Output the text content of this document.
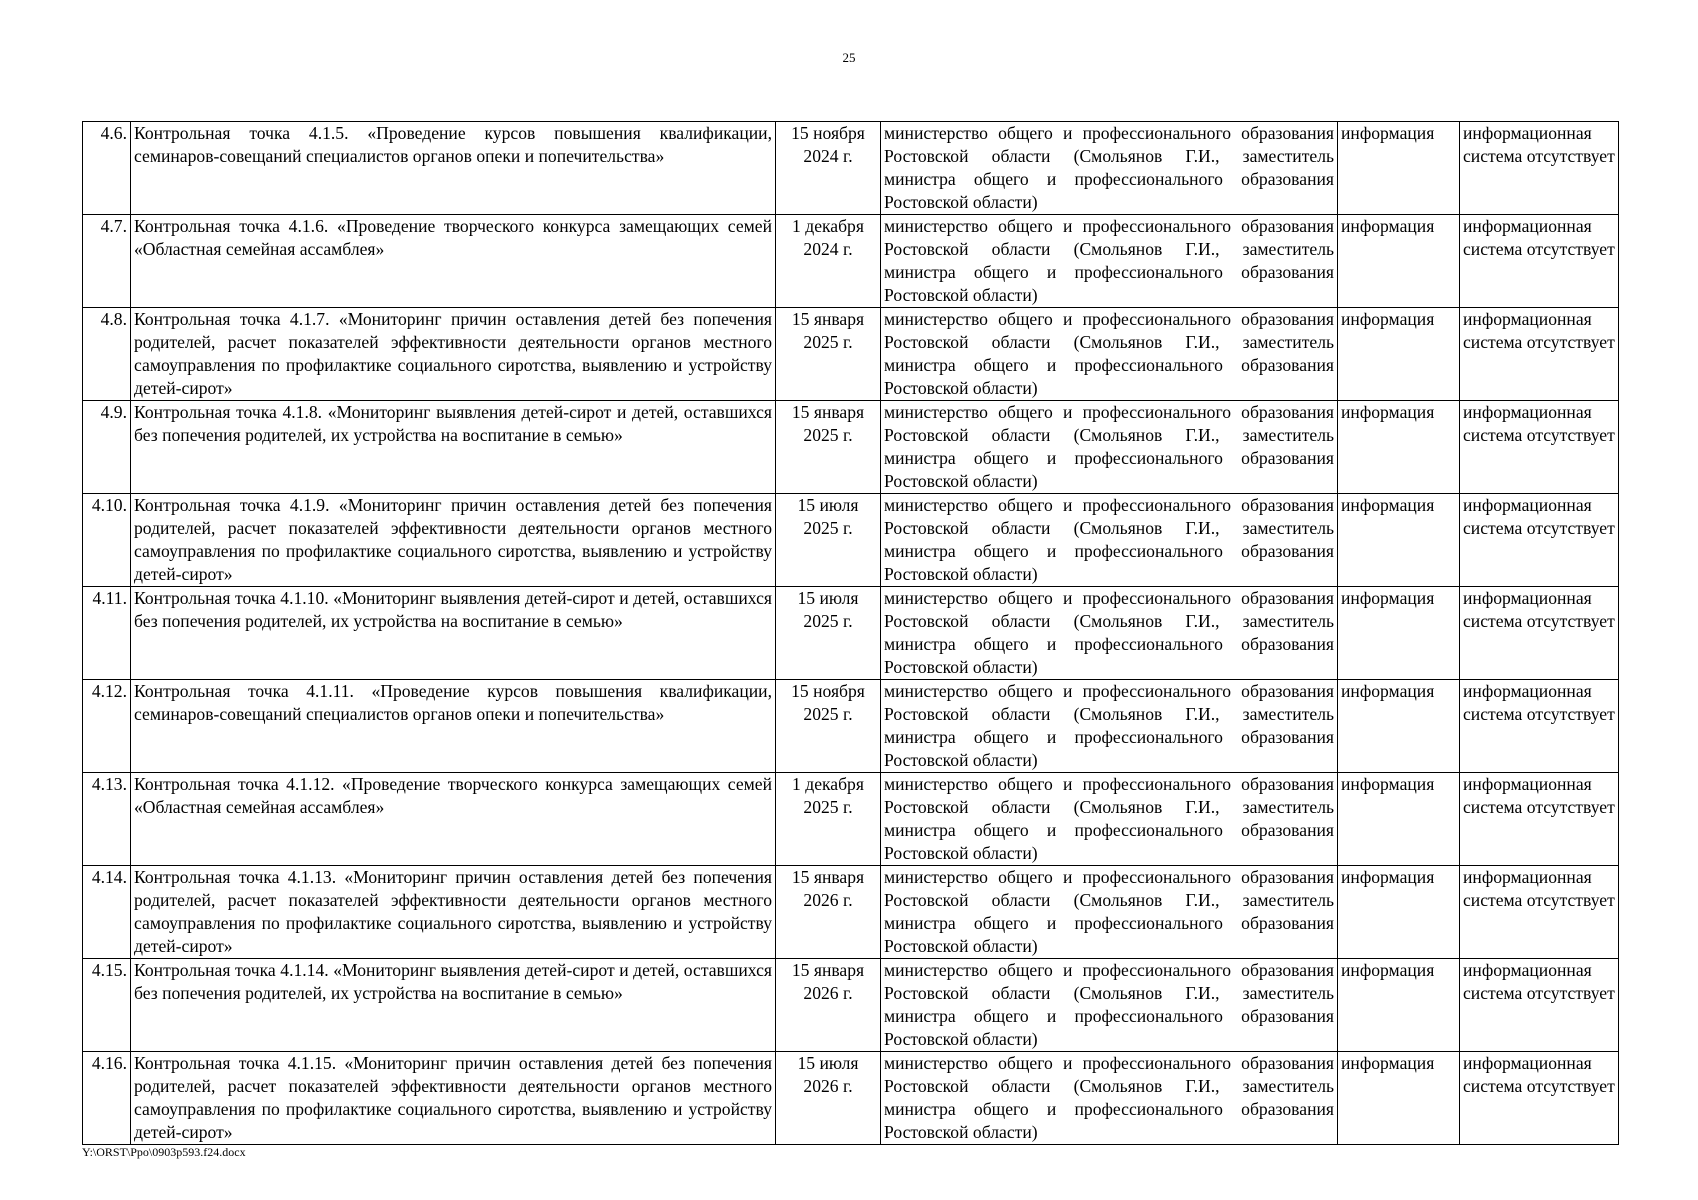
25
4.6.	Контрольная точка 4.1.5. «Проведение курсов повышения квалификации, семинаров-совещаний специалистов органов опеки и попечительства»	15 ноября 2024 г.	министерство общего и профессионального образования Ростовской области (Смольянов Г.И., заместитель министра общего и профессионального образования Ростовской области)	информация	информационная система отсутствует
4.7.	Контрольная точка 4.1.6. «Проведение творческого конкурса замещающих семей «Областная семейная ассамблея»	1 декабря 2024 г.	министерство общего и профессионального образования Ростовской области (Смольянов Г.И., заместитель министра общего и профессионального образования Ростовской области)	информация	информационная система отсутствует
4.8.	Контрольная точка 4.1.7. «Мониторинг причин оставления детей без попечения родителей, расчет показателей эффективности деятельности органов местного самоуправления по профилактике социального сиротства, выявлению и устройству детей-сирот»	15 января 2025 г.	министерство общего и профессионального образования Ростовской области (Смольянов Г.И., заместитель министра общего и профессионального образования Ростовской области)	информация	информационная система отсутствует
4.9.	Контрольная точка 4.1.8. «Мониторинг выявления детей-сирот и детей, оставшихся без попечения родителей, их устройства на воспитание в семью»	15 января 2025 г.	министерство общего и профессионального образования Ростовской области (Смольянов Г.И., заместитель министра общего и профессионального образования Ростовской области)	информация	информационная система отсутствует
4.10.	Контрольная точка 4.1.9. «Мониторинг причин оставления детей без попечения родителей, расчет показателей эффективности деятельности органов местного самоуправления по профилактике социального сиротства, выявлению и устройству детей-сирот»	15 июля 2025 г.	министерство общего и профессионального образования Ростовской области (Смольянов Г.И., заместитель министра общего и профессионального образования Ростовской области)	информация	информационная система отсутствует
4.11.	Контрольная точка 4.1.10. «Мониторинг выявления детей-сирот и детей, оставшихся без попечения родителей, их устройства на воспитание в семью»	15 июля 2025 г.	министерство общего и профессионального образования Ростовской области (Смольянов Г.И., заместитель министра общего и профессионального образования Ростовской области)	информация	информационная система отсутствует
4.12.	Контрольная точка 4.1.11. «Проведение курсов повышения квалификации, семинаров-совещаний специалистов органов опеки и попечительства»	15 ноября 2025 г.	министерство общего и профессионального образования Ростовской области (Смольянов Г.И., заместитель министра общего и профессионального образования Ростовской области)	информация	информационная система отсутствует
4.13.	Контрольная точка 4.1.12. «Проведение творческого конкурса замещающих семей «Областная семейная ассамблея»	1 декабря 2025 г.	министерство общего и профессионального образования Ростовской области (Смольянов Г.И., заместитель министра общего и профессионального образования Ростовской области)	информация	информационная система отсутствует
4.14.	Контрольная точка 4.1.13. «Мониторинг причин оставления детей без попечения родителей, расчет показателей эффективности деятельности органов местного самоуправления по профилактике социального сиротства, выявлению и устройству детей-сирот»	15 января 2026 г.	министерство общего и профессионального образования Ростовской области (Смольянов Г.И., заместитель министра общего и профессионального образования Ростовской области)	информация	информационная система отсутствует
4.15.	Контрольная точка 4.1.14. «Мониторинг выявления детей-сирот и детей, оставшихся без попечения родителей, их устройства на воспитание в семью»	15 января 2026 г.	министерство общего и профессионального образования Ростовской области (Смольянов Г.И., заместитель министра общего и профессионального образования Ростовской области)	информация	информационная система отсутствует
4.16.	Контрольная точка 4.1.15. «Мониторинг причин оставления детей без попечения родителей, расчет показателей эффективности деятельности органов местного самоуправления по профилактике социального сиротства, выявлению и устройству детей-сирот»	15 июля 2026 г.	министерство общего и профессионального образования Ростовской области (Смольянов Г.И., заместитель министра общего и профессионального образования Ростовской области)	информация	информационная система отсутствует
Y:\ORST\Ppo\0903p593.f24.docx
